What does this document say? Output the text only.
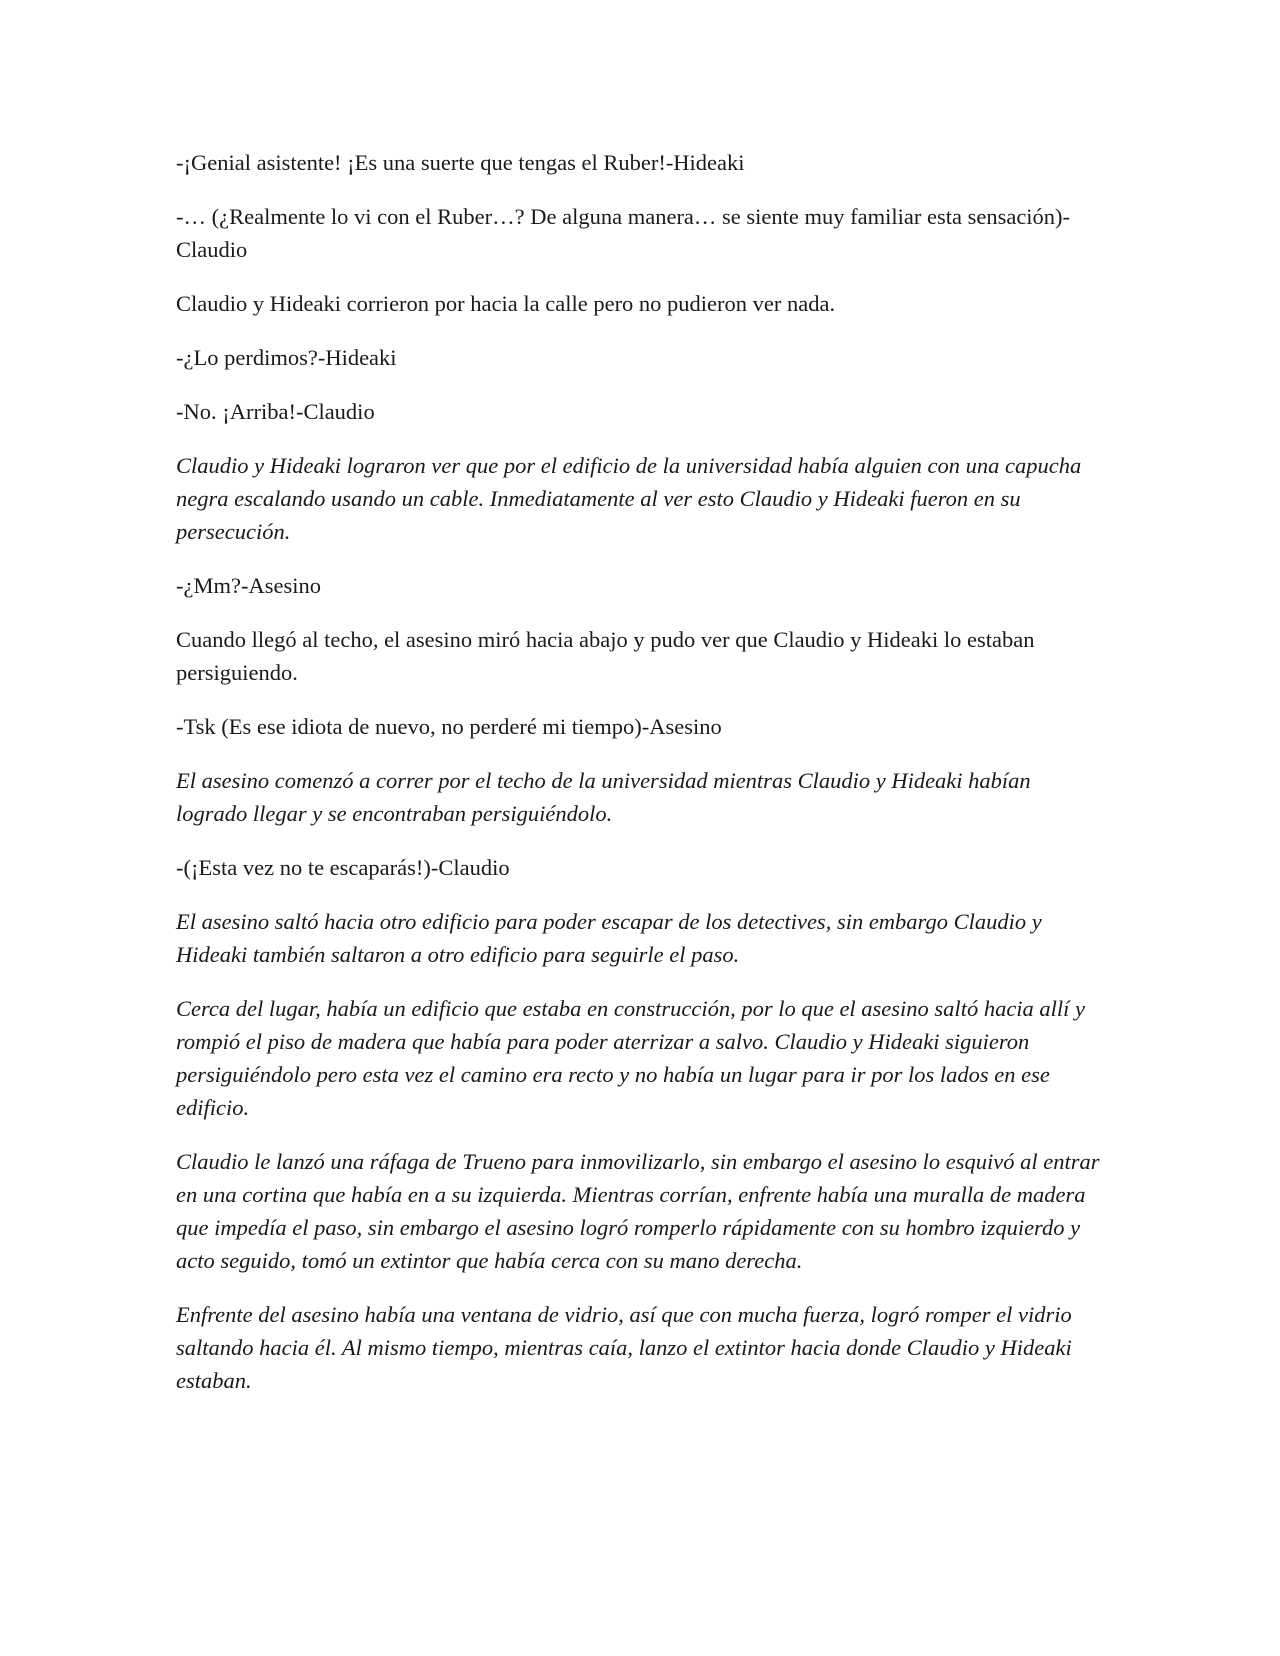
-¡Genial asistente! ¡Es una suerte que tengas el Ruber!-Hideaki

-… (¿Realmente lo vi con el Ruber…? De alguna manera… se siente muy familiar esta sensación)-Claudio

Claudio y Hideaki corrieron por hacia la calle pero no pudieron ver nada.

-¿Lo perdimos?-Hideaki

-No. ¡Arriba!-Claudio

Claudio y Hideaki lograron ver que por el edificio de la universidad había alguien con una capucha negra escalando usando un cable. Inmediatamente al ver esto Claudio y Hideaki fueron en su persecución.

-¿Mm?-Asesino

Cuando llegó al techo, el asesino miró hacia abajo y pudo ver que Claudio y Hideaki lo estaban persiguiendo.

-Tsk (Es ese idiota de nuevo, no perderé mi tiempo)-Asesino

El asesino comenzó a correr por el techo de la universidad mientras Claudio y Hideaki habían logrado llegar y se encontraban persiguiéndolo.

-(¡Esta vez no te escaparás!)-Claudio

El asesino saltó hacia otro edificio para poder escapar de los detectives, sin embargo Claudio y Hideaki también saltaron a otro edificio para seguirle el paso.

Cerca del lugar, había un edificio que estaba en construcción, por lo que el asesino saltó hacia allí y rompió el piso de madera que había para poder aterrizar a salvo. Claudio y Hideaki siguieron persiguiéndolo pero esta vez el camino era recto y no había un lugar para ir por los lados en ese edificio.

Claudio le lanzó una ráfaga de Trueno para inmovilizarlo, sin embargo el asesino lo esquivó al entrar en una cortina que había en a su izquierda. Mientras corrían, enfrente había una muralla de madera que impedía el paso, sin embargo el asesino logró romperlo rápidamente con su hombro izquierdo y acto seguido, tomó un extintor que había cerca con su mano derecha.

Enfrente del asesino había una ventana de vidrio, así que con mucha fuerza, logró romper el vidrio saltando hacia él. Al mismo tiempo, mientras caía, lanzo el extintor hacia donde Claudio y Hideaki estaban.
